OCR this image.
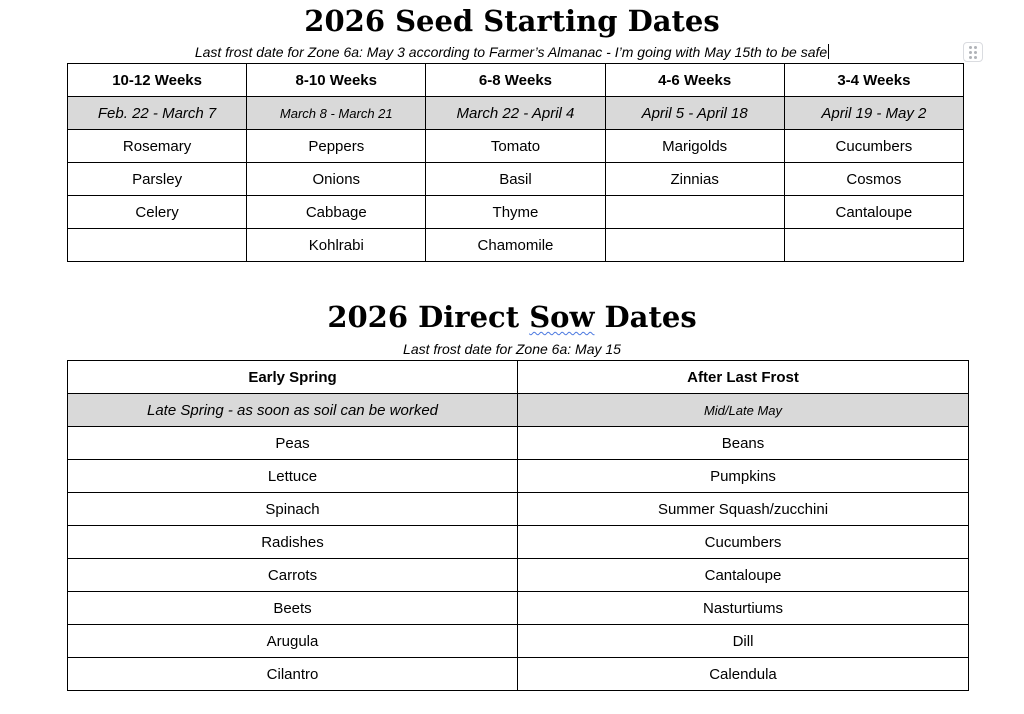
2026 Seed Starting Dates
Last frost date for Zone 6a: May 3 according to Farmer’s Almanac - I’m going with May 15th to be safe
10-12 Weeks	8-10 Weeks	6-8 Weeks	4-6 Weeks	3-4 Weeks
Feb. 22 - March 7	March 8 - March 21	March 22 - April 4	April 5 - April 18	April 19 - May 2
Rosemary	Peppers	Tomato	Marigolds	Cucumbers
Parsley	Onions	Basil	Zinnias	Cosmos
Celery	Cabbage	Thyme		Cantaloupe
	Kohlrabi	Chamomile		
2026 Direct Sow Dates
Last frost date for Zone 6a: May 15
Early Spring	After Last Frost
Late Spring - as soon as soil can be worked	Mid/Late May
Peas	Beans
Lettuce	Pumpkins
Spinach	Summer Squash/zucchini
Radishes	Cucumbers
Carrots	Cantaloupe
Beets	Nasturtiums
Arugula	Dill
Cilantro	Calendula
